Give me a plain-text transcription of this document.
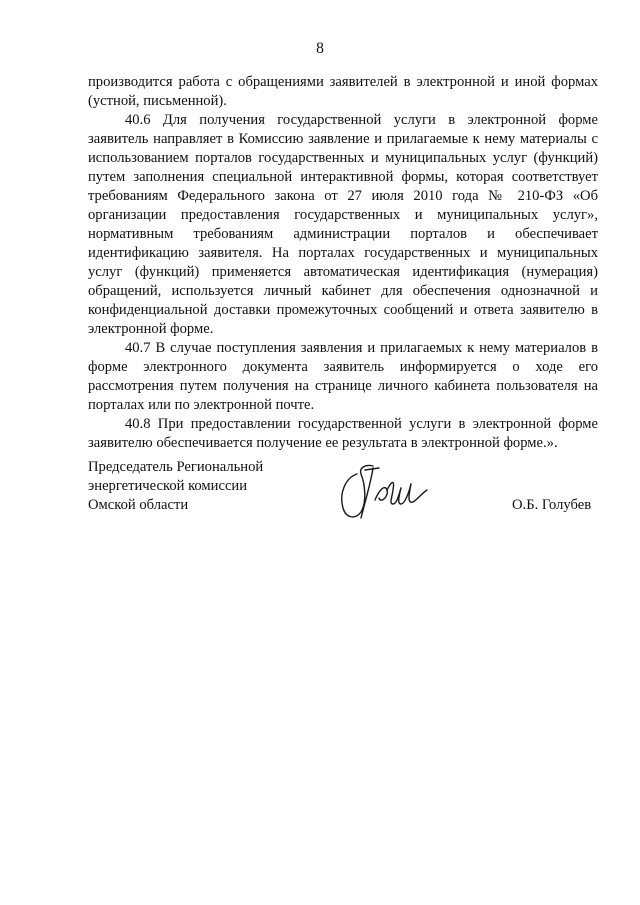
8

производится работа с обращениями заявителей в электронной и иной формах (устной, письменной).

40.6 Для получения государственной услуги в электронной форме заявитель направляет в Комиссию заявление и прилагаемые к нему материалы с использованием порталов государственных и муниципальных услуг (функций) путем заполнения специальной интерактивной формы, которая соответствует требованиям Федерального закона от 27 июля 2010 года № 210-ФЗ «Об организации предоставления государственных и муниципальных услуг», нормативным требованиям администрации порталов и обеспечивает идентификацию заявителя. На порталах государственных и муниципальных услуг (функций) применяется автоматическая идентификация (нумерация) обращений, используется личный кабинет для обеспечения однозначной и конфиденциальной доставки промежуточных сообщений и ответа заявителю в электронной форме.

40.7 В случае поступления заявления и прилагаемых к нему материалов в форме электронного документа заявитель информируется о ходе его рассмотрения путем получения на странице личного кабинета пользователя на порталах или по электронной почте.

40.8 При предоставлении государственной услуги в электронной форме заявителю обеспечивается получение ее результата в электронной форме.».

Председатель Региональной
энергетической комиссии
Омской области	О.Б. Голубев
